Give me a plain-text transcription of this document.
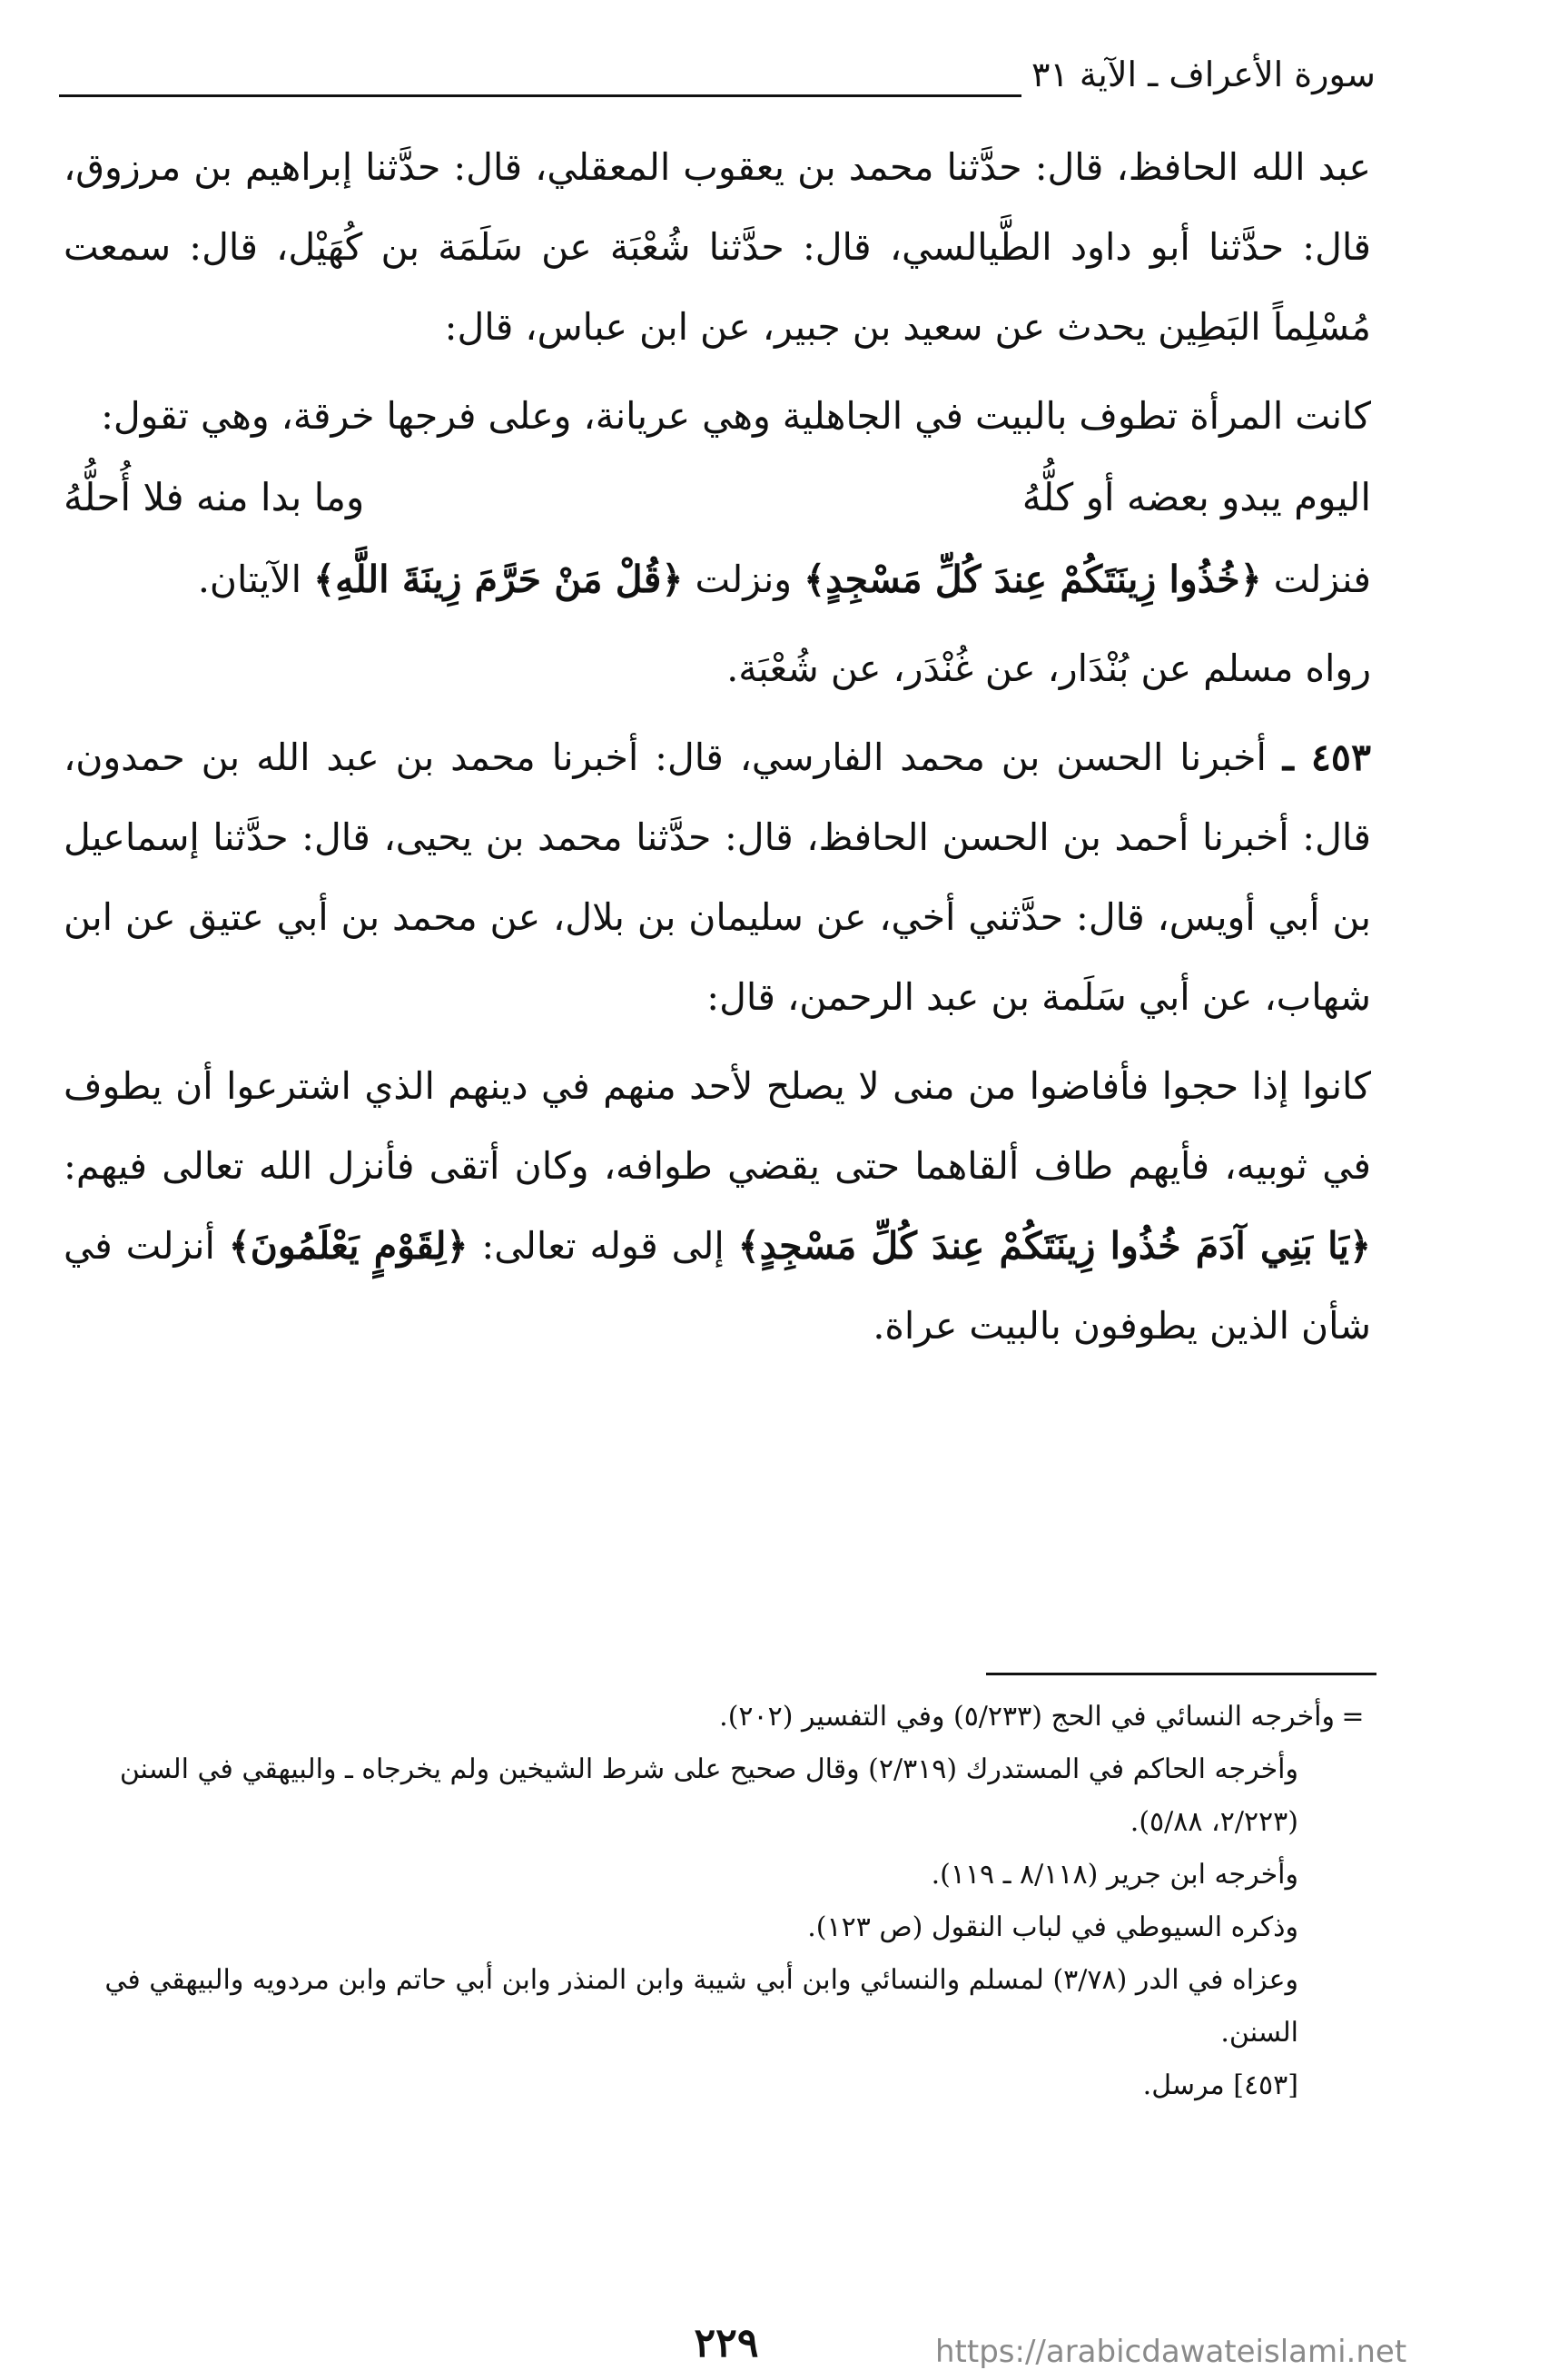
سورة الأعراف ـ الآية ٣١

عبد الله الحافظ، قال: حدَّثنا محمد بن يعقوب المعقلي، قال: حدَّثنا إبراهيم بن مرزوق، قال: حدَّثنا أبو داود الطَّيالسي، قال: حدَّثنا شُعْبَة عن سَلَمَة بن كُهَيْل، قال: سمعت مُسْلِماً البَطِين يحدث عن سعيد بن جبير، عن ابن عباس، قال:

كانت المرأة تطوف بالبيت في الجاهلية وهي عريانة، وعلى فرجها خرقة، وهي تقول:

اليوم يبدو بعضه أو كلُّهُ
وما بدا منه فلا أُحلُّهُ

فنزلت ﴿خُذُوا زِينَتَكُمْ عِندَ كُلِّ مَسْجِدٍ﴾ ونزلت ﴿قُلْ مَنْ حَرَّمَ زِينَةَ اللَّهِ﴾ الآيتان.

رواه مسلم عن بُنْدَار، عن غُنْدَر، عن شُعْبَة.

٤٥٣ ـ أخبرنا الحسن بن محمد الفارسي، قال: أخبرنا محمد بن عبد الله بن حمدون، قال: أخبرنا أحمد بن الحسن الحافظ، قال: حدَّثنا محمد بن يحيى، قال: حدَّثنا إسماعيل بن أبي أويس، قال: حدَّثني أخي، عن سليمان بن بلال، عن محمد بن أبي عتيق عن ابن شهاب، عن أبي سَلَمة بن عبد الرحمن، قال:

كانوا إذا حجوا فأفاضوا من منى لا يصلح لأحد منهم في دينهم الذي اشترعوا أن يطوف في ثوبيه، فأيهم طاف ألقاهما حتى يقضي طوافه، وكان أتقى فأنزل الله تعالى فيهم: ﴿يَا بَنِي آدَمَ خُذُوا زِينَتَكُمْ عِندَ كُلِّ مَسْجِدٍ﴾ إلى قوله تعالى: ﴿لِقَوْمٍ يَعْلَمُونَ﴾ أنزلت في شأن الذين يطوفون بالبيت عراة.

=وأخرجه النسائي في الحج (٥/٢٣٣) وفي التفسير (٢٠٢).

وأخرجه الحاكم في المستدرك (٢/٣١٩) وقال صحيح على شرط الشيخين ولم يخرجاه ـ والبيهقي في السنن (٢/٢٢٣، ٥/٨٨).

وأخرجه ابن جرير (٨/١١٨ ـ ١١٩).

وذكره السيوطي في لباب النقول (ص ١٢٣).

وعزاه في الدر (٣/٧٨) لمسلم والنسائي وابن أبي شيبة وابن المنذر وابن أبي حاتم وابن مردويه والبيهقي في السنن.

[٤٥٣] مرسل.

٢٢٩	https://arabicdawateislami.net
